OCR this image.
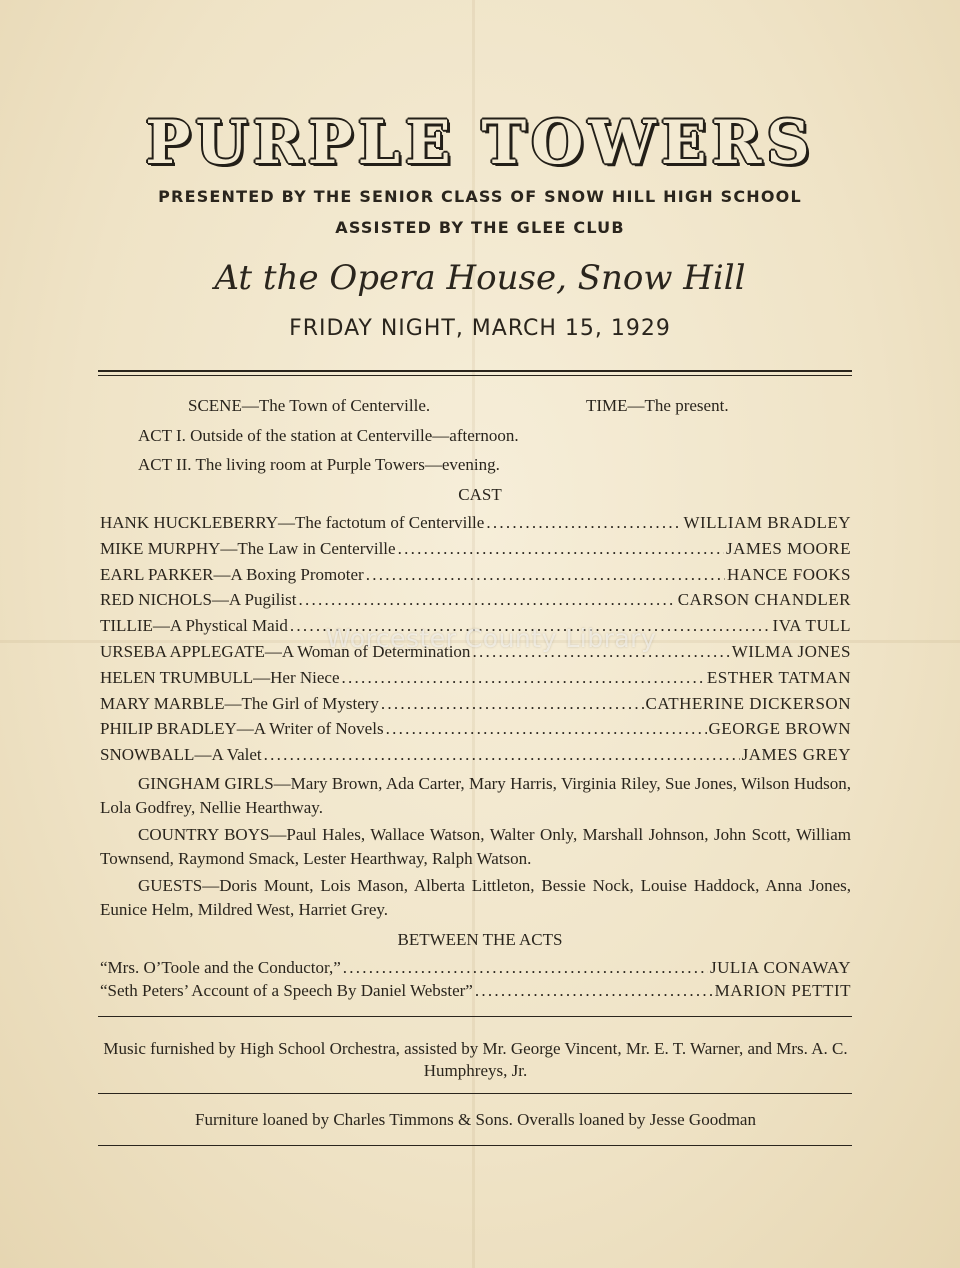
PURPLE TOWERS
PRESENTED BY THE SENIOR CLASS OF SNOW HILL HIGH SCHOOL
ASSISTED BY THE GLEE CLUB
At the Opera House, Snow Hill
FRIDAY NIGHT, MARCH 15, 1929
SCENE—The Town of Centerville.	TIME—The present.
ACT I. Outside of the station at Centerville—afternoon.
ACT II. The living room at Purple Towers—evening.
CAST
HANK HUCKLEBERRY—The factotum of Centerville . . .	WILLIAM BRADLEY
MIKE MURPHY—The Law in Centerville . . .	JAMES MOORE
EARL PARKER—A Boxing Promoter . . .	HANCE FOOKS
RED NICHOLS—A Pugilist . . .	CARSON CHANDLER
TILLIE—A Phystical Maid . . .	IVA TULL
URSEBA APPLEGATE—A Woman of Determination . . .	WILMA JONES
HELEN TRUMBULL—Her Niece . . .	ESTHER TATMAN
MARY MARBLE—The Girl of Mystery . . .	CATHERINE DICKERSON
PHILIP BRADLEY—A Writer of Novels . . .	GEORGE BROWN
SNOWBALL—A Valet . . .	JAMES GREY

GINGHAM GIRLS—Mary Brown, Ada Carter, Mary Harris, Virginia Riley, Sue Jones, Wilson Hudson, Lola Godfrey, Nellie Hearthway.

COUNTRY BOYS—Paul Hales, Wallace Watson, Walter Only, Marshall Johnson, John Scott, William Townsend, Raymond Smack, Lester Hearthway, Ralph Watson.

GUESTS—Doris Mount, Lois Mason, Alberta Littleton, Bessie Nock, Louise Haddock, Anna Jones, Eunice Helm, Mildred West, Harriet Grey.

BETWEEN THE ACTS
“Mrs. O’Toole and the Conductor,” . . .	JULIA CONAWAY
“Seth Peters’ Account of a Speech By Daniel Webster” . . .	MARION PETTIT

Music furnished by High School Orchestra, assisted by Mr. George Vincent, Mr. E. T. Warner, and Mrs. A. C. Humphreys, Jr.

Furniture loaned by Charles Timmons & Sons. Overalls loaned by Jesse Goodman

Worcester County Library
